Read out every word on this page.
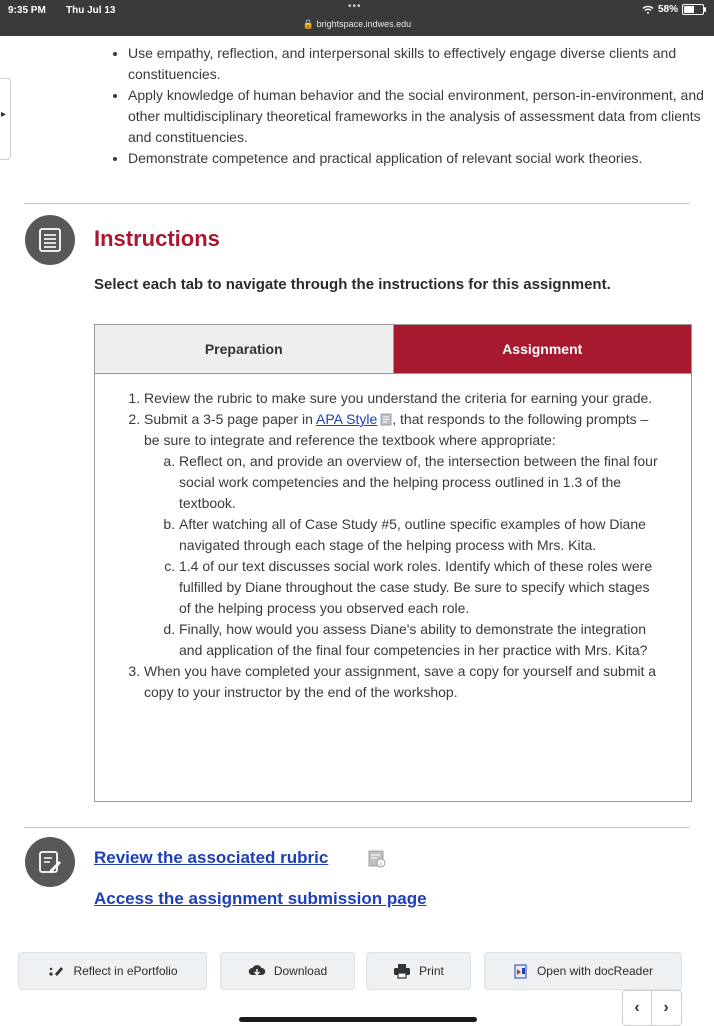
9:35 PM Thu Jul 13	•••
🔒 brightspace.indwes.edu
58%
▸
• Use empathy, reflection, and interpersonal skills to effectively engage diverse clients and constituencies.
• Apply knowledge of human behavior and the social environment, person-in-environment, and other multidisciplinary theoretical frameworks in the analysis of assessment data from clients and constituencies.
• Demonstrate competence and practical application of relevant social work theories.
Instructions

Select each tab to navigate through the instructions for this assignment.

Preparation	Assignment
1. Review the rubric to make sure you understand the criteria for earning your grade.
2. Submit a 3-5 page paper in APA Style , that responds to the following prompts – be sure to integrate and reference the textbook where appropriate:
a. Reflect on, and provide an overview of, the intersection between the final four social work competencies and the helping process outlined in 1.3 of the textbook.
b. After watching all of Case Study #5, outline specific examples of how Diane navigated through each stage of the helping process with Mrs. Kita.
c. 1.4 of our text discusses social work roles. Identify which of these roles were fulfilled by Diane throughout the case study. Be sure to specify which stages of the helping process you observed each role.
d. Finally, how would you assess Diane's ability to demonstrate the integration and application of the final four competencies in her practice with Mrs. Kita?
3. When you have completed your assignment, save a copy for yourself and submit a copy to your instructor by the end of the workshop.
Review the associated rubric	i
Access the assignment submission page
Reflect in ePortfolio	Download	Print	Open with docReader
‹	›
